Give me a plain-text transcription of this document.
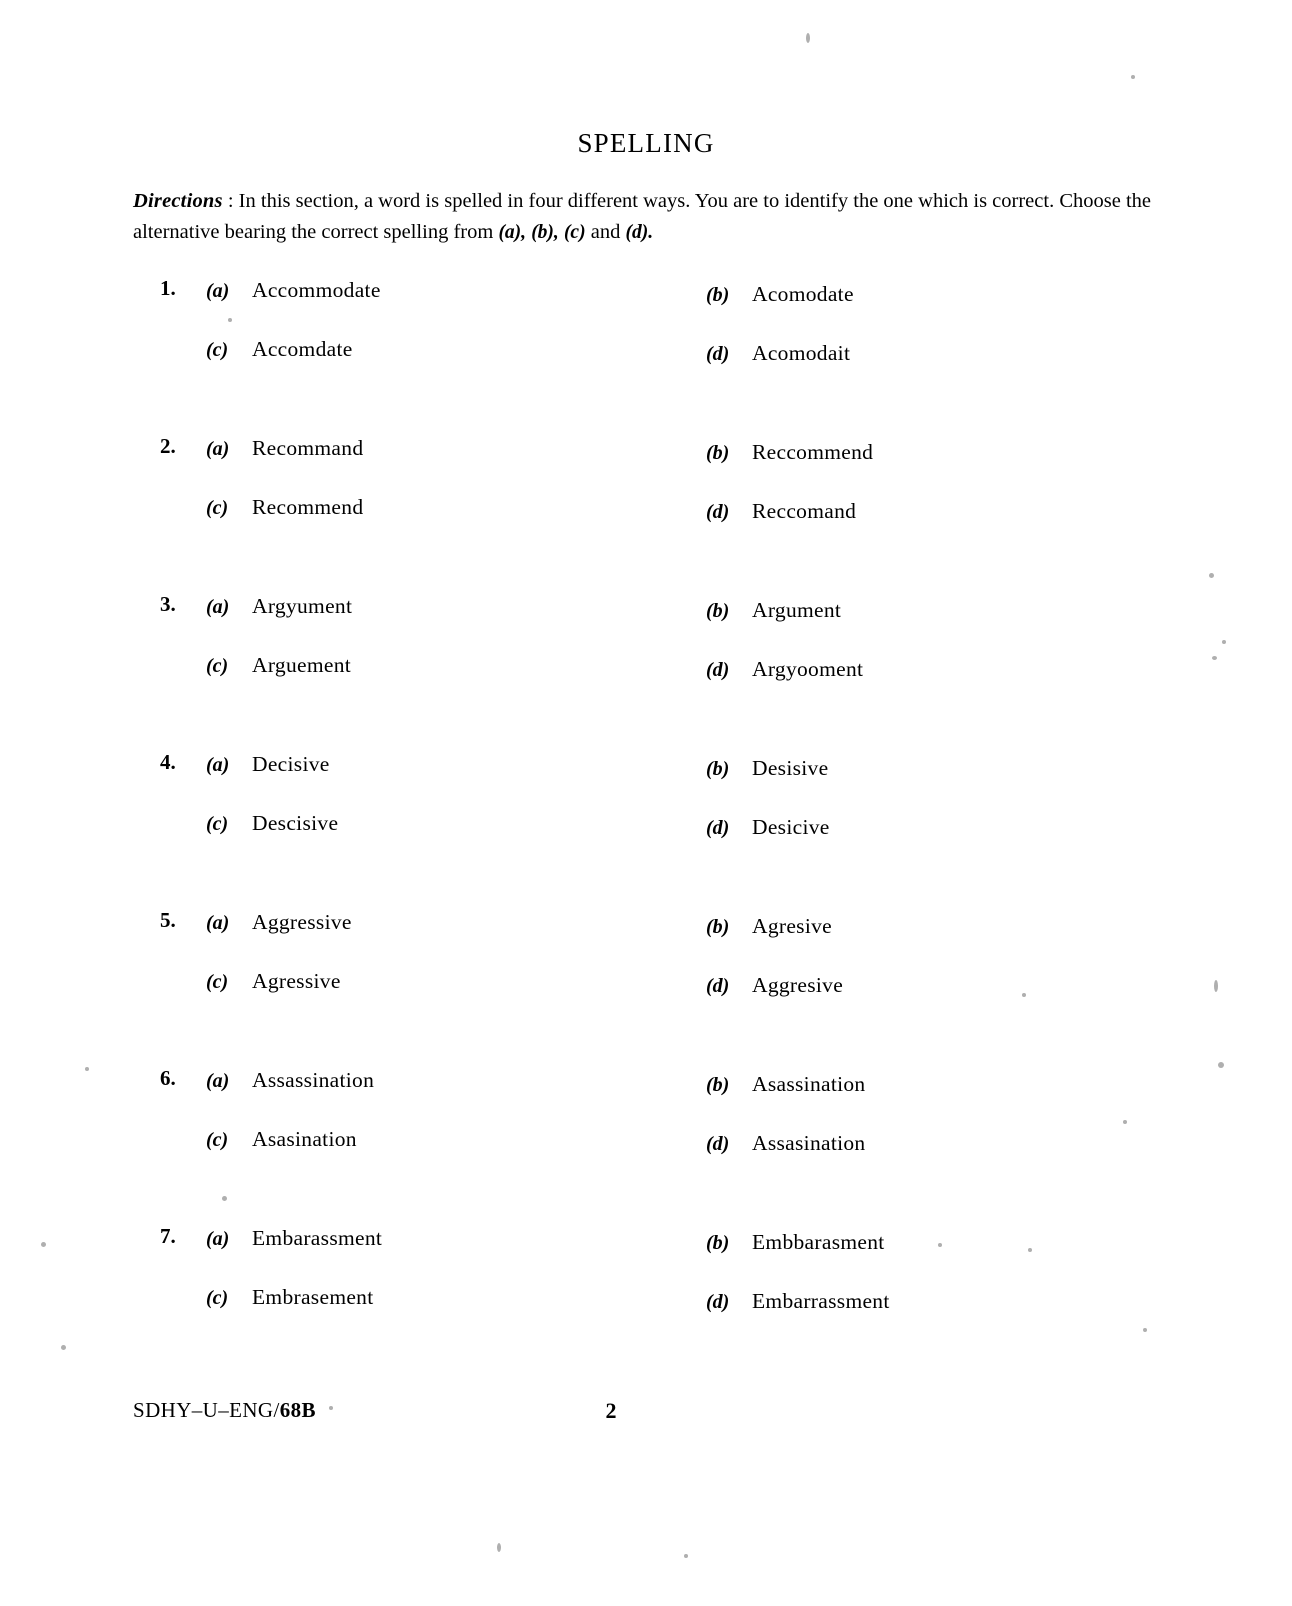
SPELLING
Directions : In this section, a word is spelled in four different ways. You are to identify the one which is correct. Choose the alternative bearing the correct spelling from (a), (b), (c) and (d).
1.	(a) Accommodate	(b) Acomodate
(c) Accomdate	(d) Acomodait
2.	(a) Recommand	(b) Reccommend
(c) Recommend	(d) Reccomand
3.	(a) Argyument	(b) Argument
(c) Arguement	(d) Argyooment
4.	(a) Decisive	(b) Desisive
(c) Descisive	(d) Desicive
5.	(a) Aggressive	(b) Agresive
(c) Agressive	(d) Aggresive
6.	(a) Assassination	(b) Asassination
(c) Asasination	(d) Assasination
7.	(a) Embarassment	(b) Embbarasment
(c) Embrasement	(d) Embarrassment
SDHY–U–ENG/68B	2
